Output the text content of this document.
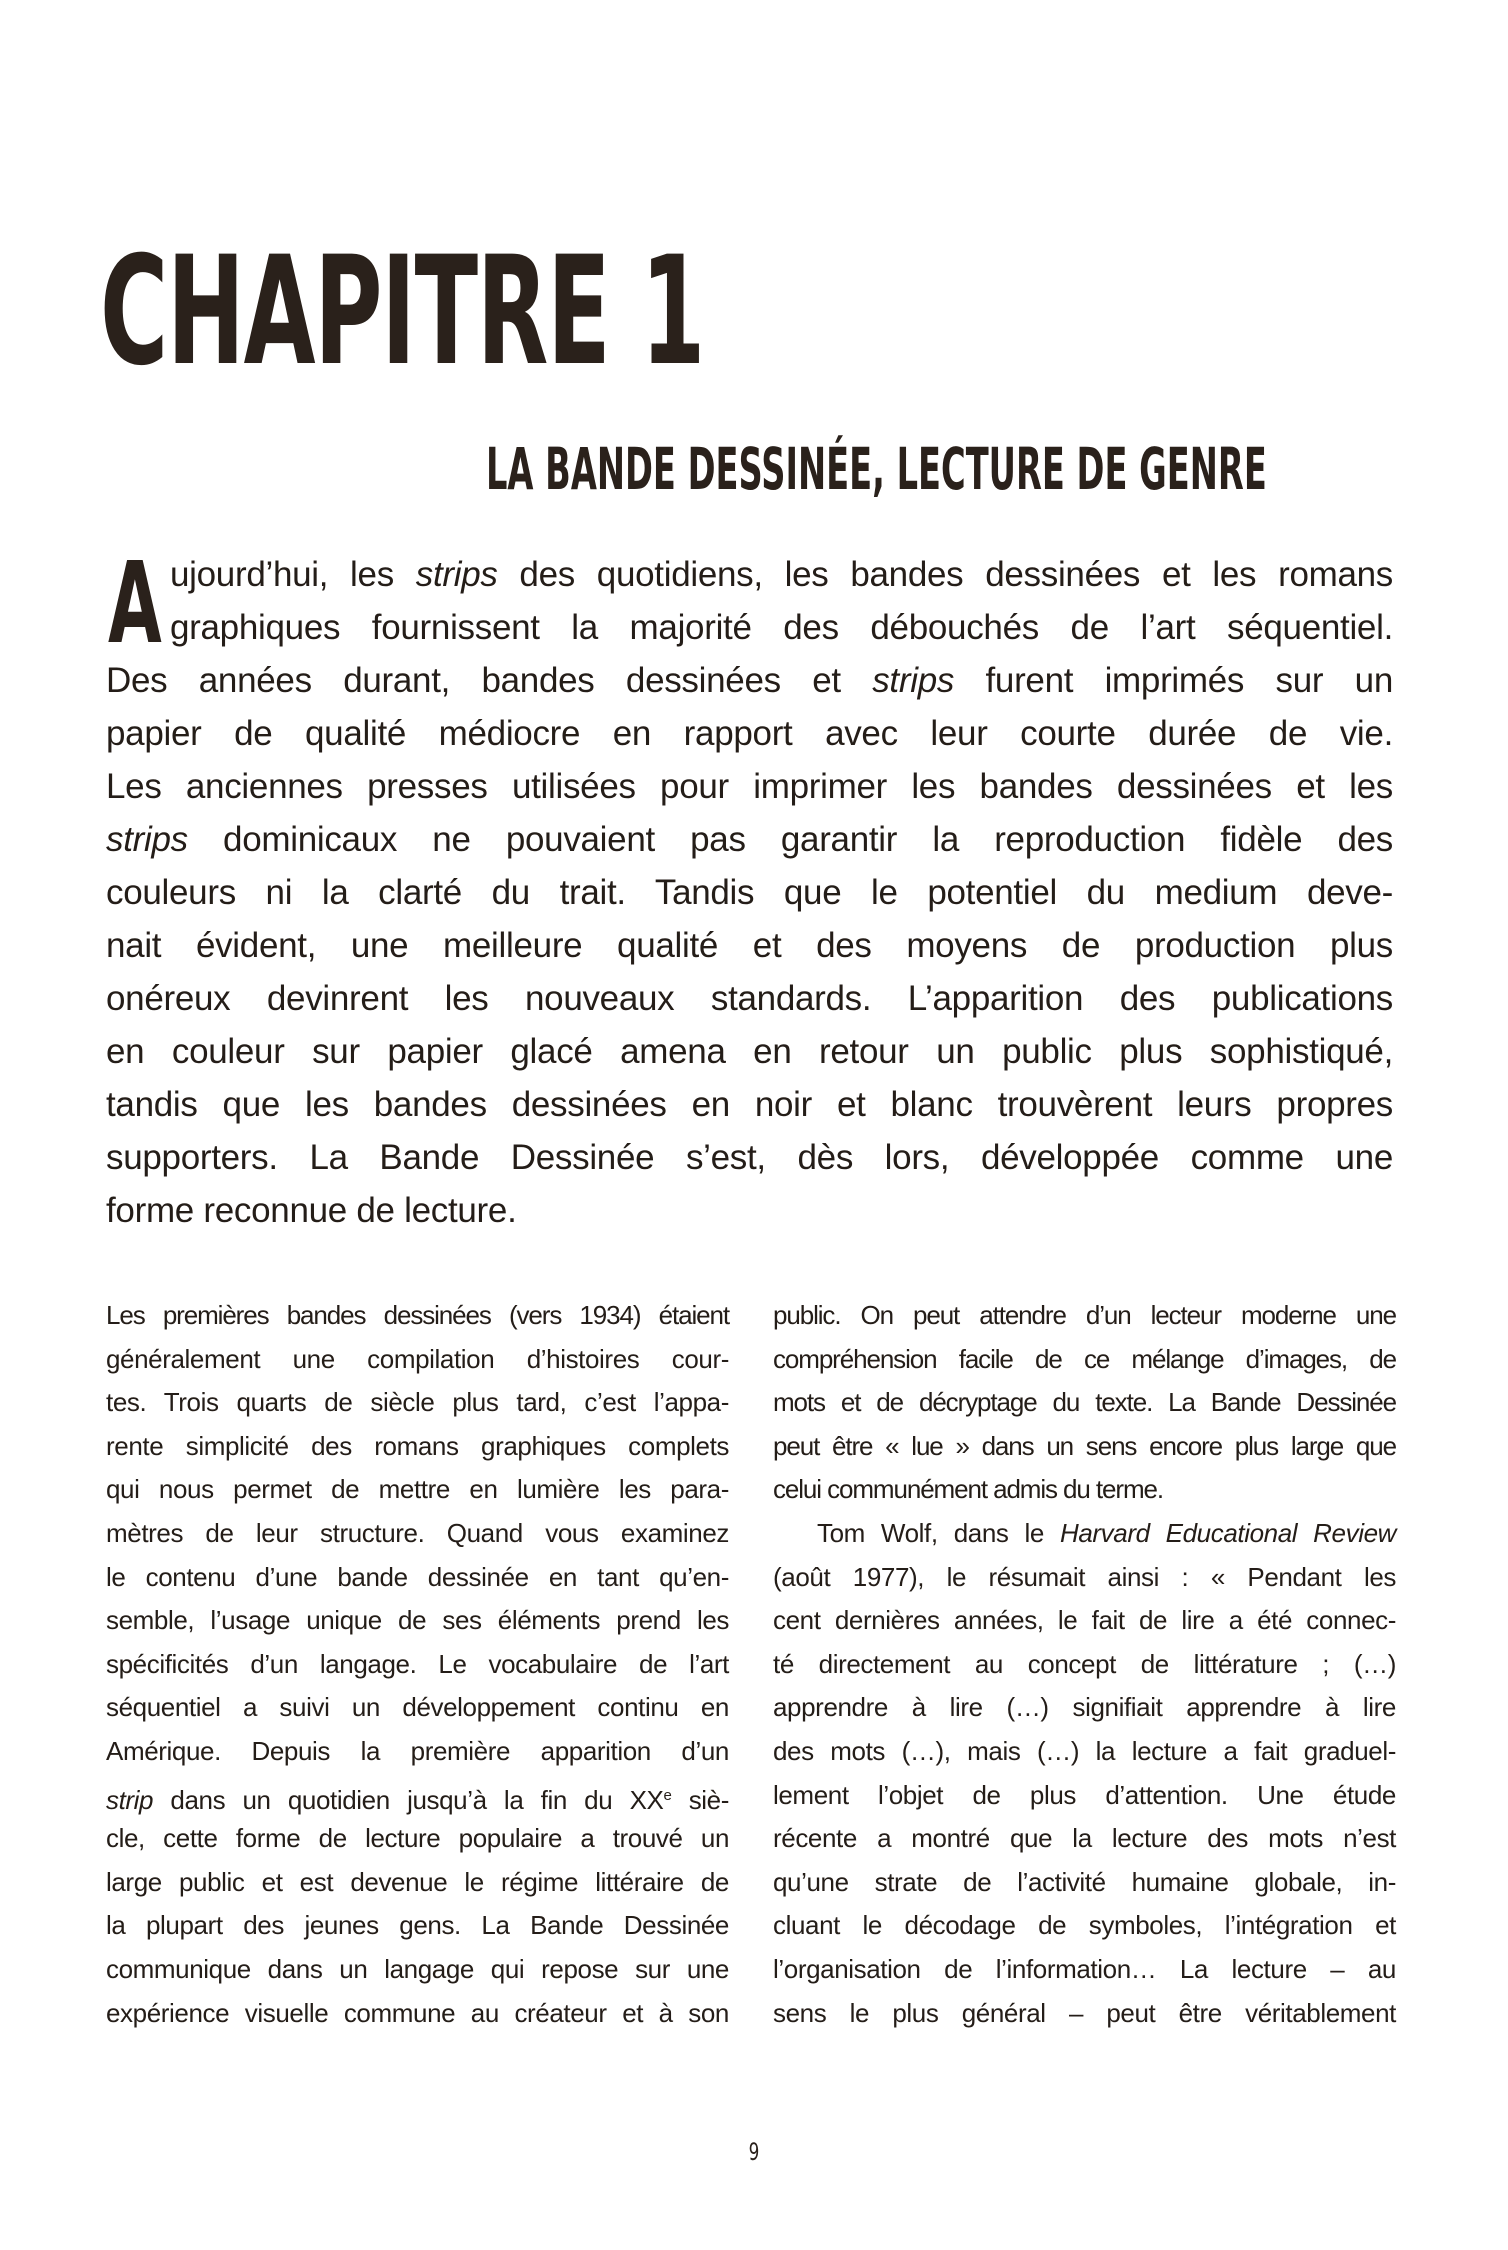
CHAPITRE 1
LA BANDE DESSINÉE, LECTURE DE GENRE
A ujourd’hui, les strips des quotidiens, les bandes dessinées et les romans
graphiques fournissent la majorité des débouchés de l’art séquentiel.
Des années durant, bandes dessinées et strips furent imprimés sur un
papier de qualité médiocre en rapport avec leur courte durée de vie.
Les anciennes presses utilisées pour imprimer les bandes dessinées et les
strips dominicaux ne pouvaient pas garantir la reproduction fidèle des
couleurs ni la clarté du trait. Tandis que le potentiel du medium deve-
nait évident, une meilleure qualité et des moyens de production plus
onéreux devinrent les nouveaux standards. L’apparition des publications
en couleur sur papier glacé amena en retour un public plus sophistiqué,
tandis que les bandes dessinées en noir et blanc trouvèrent leurs propres
supporters. La Bande Dessinée s’est, dès lors, développée comme une
forme reconnue de lecture.
Les premières bandes dessinées (vers 1934) étaient
généralement une compilation d’histoires cour-
tes. Trois quarts de siècle plus tard, c’est l’appa-
rente simplicité des romans graphiques complets
qui nous permet de mettre en lumière les para-
mètres de leur structure. Quand vous examinez
le contenu d’une bande dessinée en tant qu’en-
semble, l’usage unique de ses éléments prend les
spécificités d’un langage. Le vocabulaire de l’art
séquentiel a suivi un développement continu en
Amérique. Depuis la première apparition d’un
strip dans un quotidien jusqu’à la fin du XXe siè-
cle, cette forme de lecture populaire a trouvé un
large public et est devenue le régime littéraire de
la plupart des jeunes gens. La Bande Dessinée
communique dans un langage qui repose sur une
expérience visuelle commune au créateur et à son
public. On peut attendre d’un lecteur moderne une
compréhension facile de ce mélange d’images, de
mots et de décryptage du texte. La Bande Dessinée
peut être « lue » dans un sens encore plus large que
celui communément admis du terme.
Tom Wolf, dans le Harvard Educational Review
(août 1977), le résumait ainsi : « Pendant les
cent dernières années, le fait de lire a été connec-
té directement au concept de littérature ; (…)
apprendre à lire (…) signifiait apprendre à lire
des mots (…), mais (…) la lecture a fait graduel-
lement l’objet de plus d’attention. Une étude
récente a montré que la lecture des mots n’est
qu’une strate de l’activité humaine globale, in-
cluant le décodage de symboles, l’intégration et
l’organisation de l’information… La lecture – au
sens le plus général – peut être véritablement
9
